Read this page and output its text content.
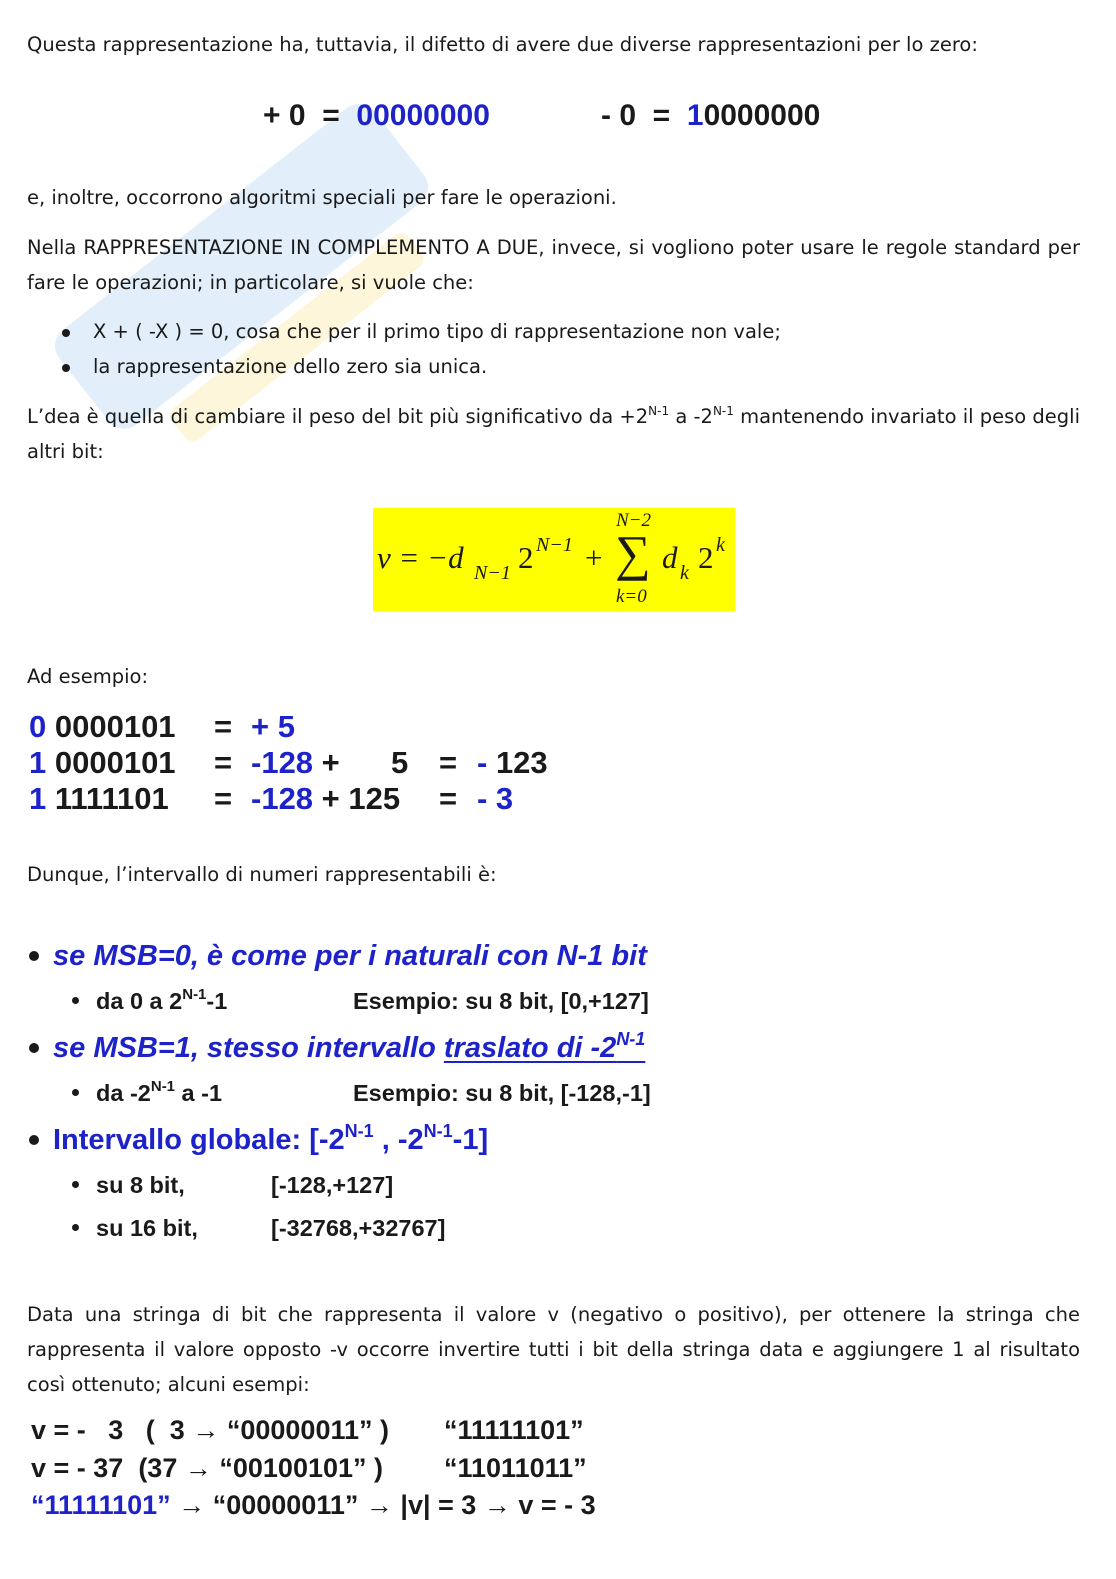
Questa rappresentazione ha, tuttavia, il difetto di avere due diverse rappresentazioni per lo zero:

+ 0  =  00000000	- 0  =  10000000

e, inoltre, occorrono algoritmi speciali per fare le operazioni.

Nella RAPPRESENTAZIONE IN COMPLEMENTO A DUE, invece, si vogliono poter usare le regole standard per fare le operazioni; in particolare, si vuole che:

X + ( -X ) = 0, cosa che per il primo tipo di rappresentazione non vale;
la rappresentazione dello zero sia unica.

L’dea è quella di cambiare il peso del bit più significativo da $+2^{N-1}$ a $-2^{N-1}$ mantenendo invariato il peso degli altri bit:

v = −d N−1 2 N−1 + ∑
N−2
k=0
d k 2 k

Ad esempio:

0 0000101 = + 5
1 0000101 = -128 + 5 = - 123
1 1111101 = -128 + 125 = - 3

Dunque, l’intervallo di numeri rappresentabili è:

se MSB=0, è come per i naturali con N-1 bit
da 0 a $2^{N-1}-1$	Esempio: su 8 bit, [0,+127]
se MSB=1, stesso intervallo traslato di $-2^{N-1}$
da $-2^{N-1}$ a -1	Esempio: su 8 bit, [-128,-1]
Intervallo globale: [$-2^{N-1}$ , $-2^{N-1}-1$]
su 8 bit,	[-128,+127]
su 16 bit,	[-32768,+32767]

Data una stringa di bit che rappresenta il valore v (negativo o positivo), per ottenere la stringa che rappresenta il valore opposto -v occorre invertire tutti i bit della stringa data e aggiungere 1 al risultato così ottenuto; alcuni esempi:

v = -   3   (  3 → “00000011” ) “11111101”
v = - 37  (37 → “00100101” ) “11011011”
“11111101” → “00000011” → |v| = 3 → v = - 3
